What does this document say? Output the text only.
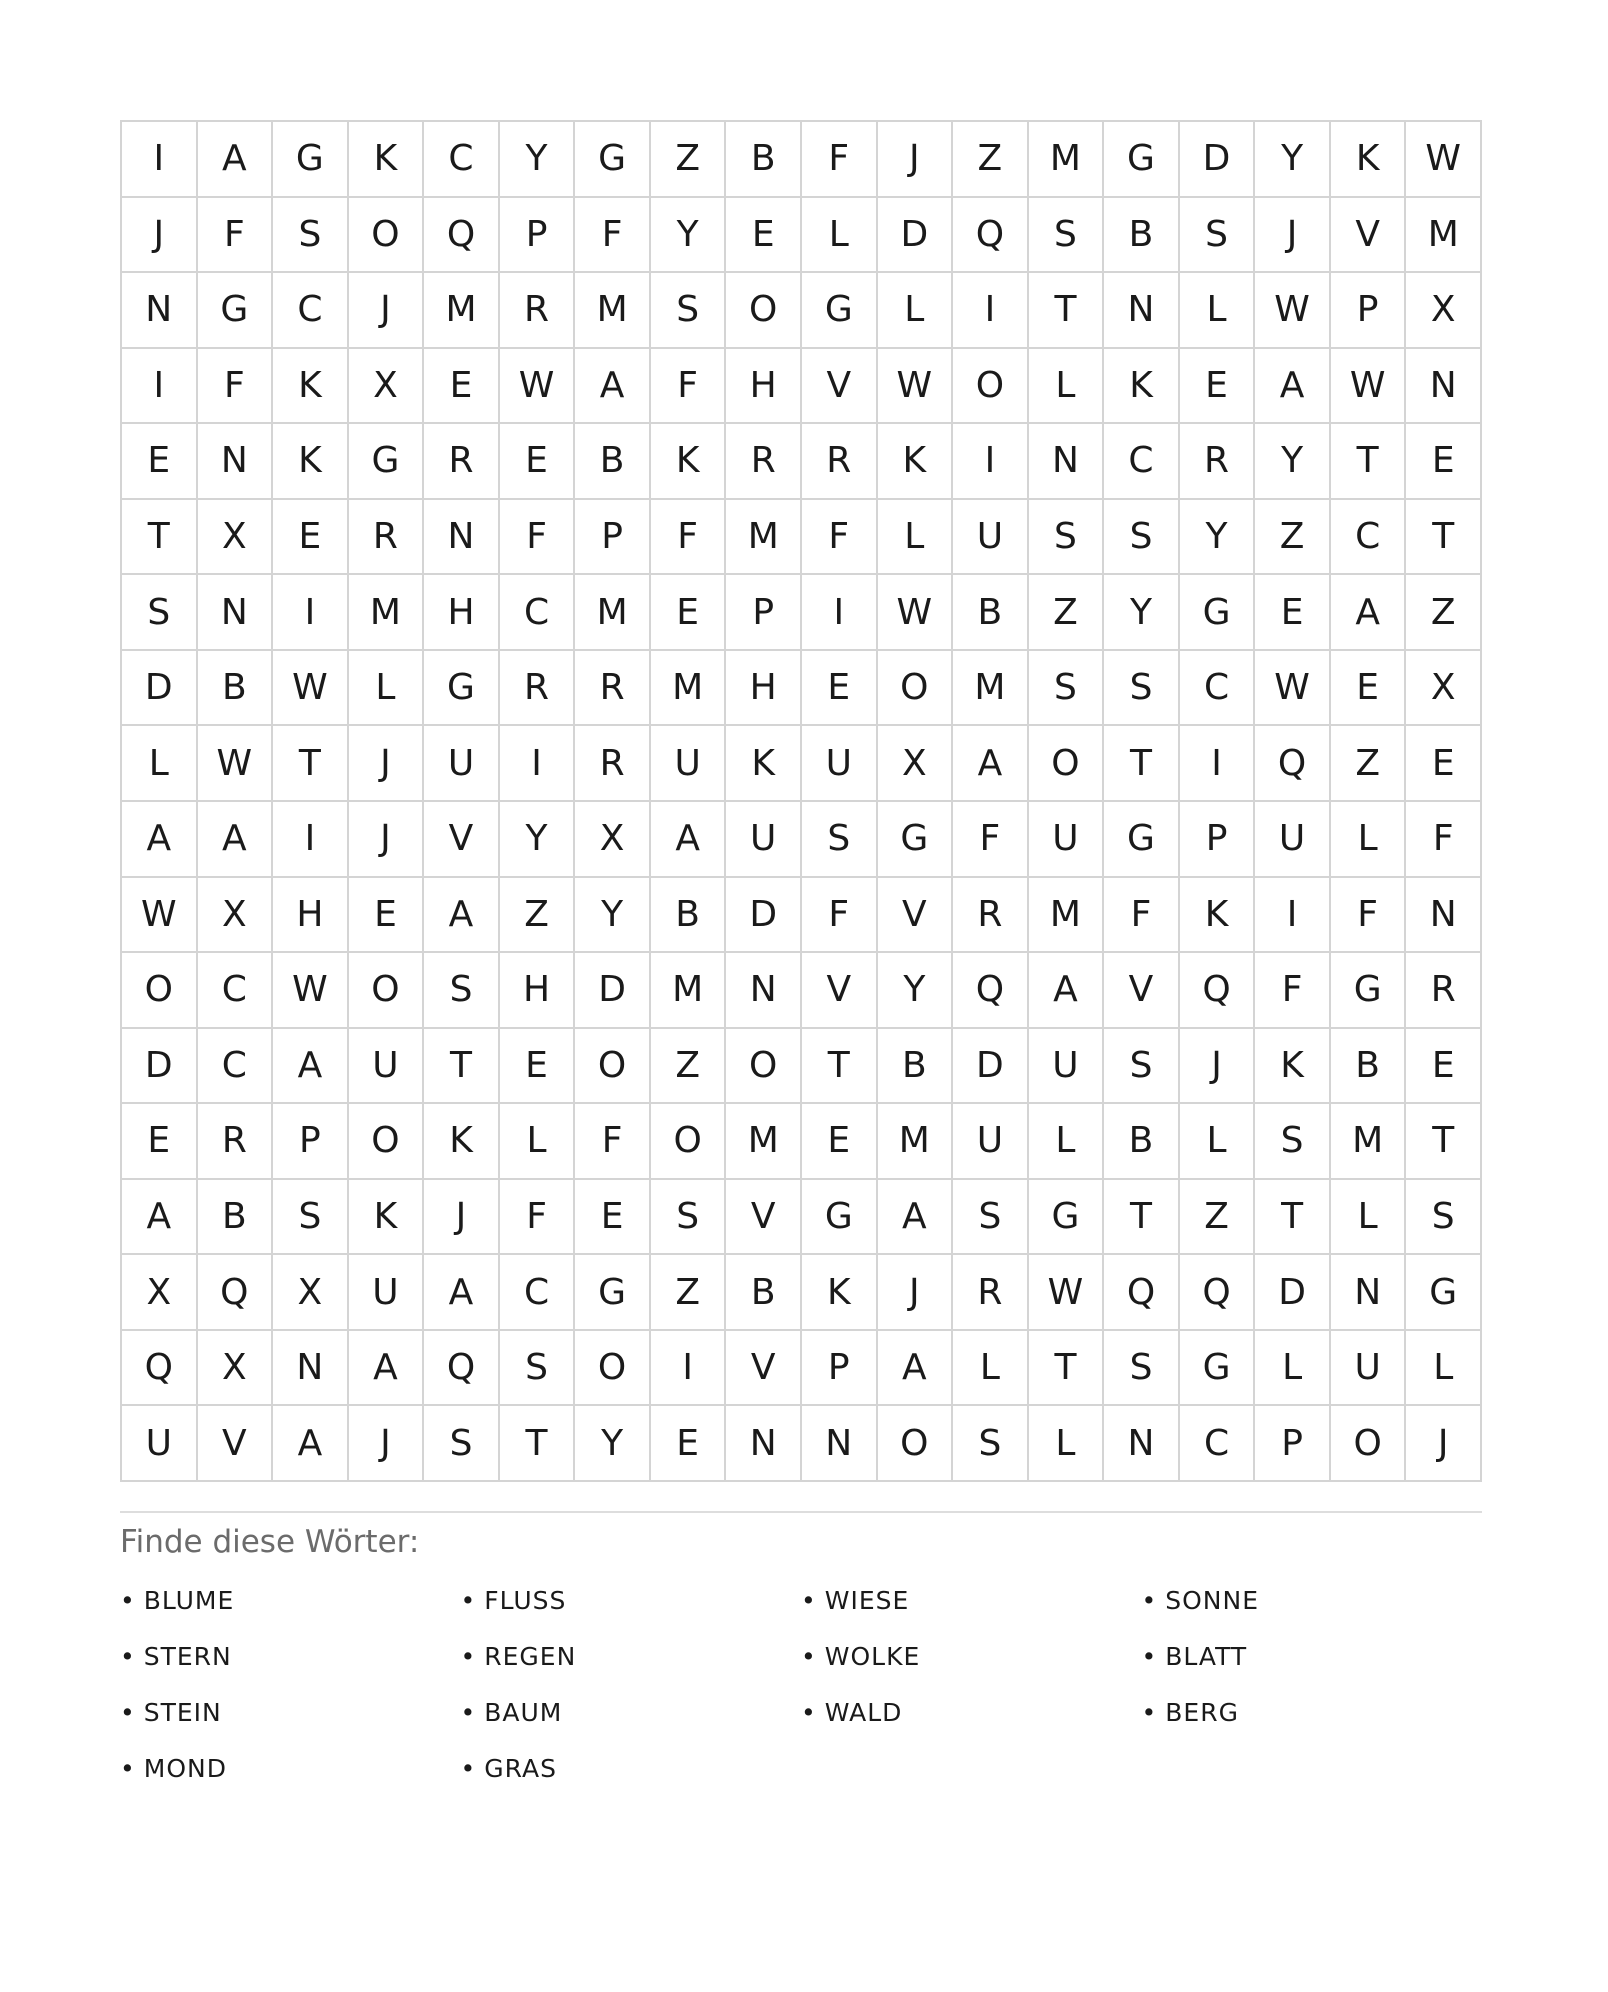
I	A	G	K	C	Y	G	Z	B	F	J	Z	M	G	D	Y	K	W
J	F	S	O	Q	P	F	Y	E	L	D	Q	S	B	S	J	V	M
N	G	C	J	M	R	M	S	O	G	L	I	T	N	L	W	P	X
I	F	K	X	E	W	A	F	H	V	W	O	L	K	E	A	W	N
E	N	K	G	R	E	B	K	R	R	K	I	N	C	R	Y	T	E
T	X	E	R	N	F	P	F	M	F	L	U	S	S	Y	Z	C	T
S	N	I	M	H	C	M	E	P	I	W	B	Z	Y	G	E	A	Z
D	B	W	L	G	R	R	M	H	E	O	M	S	S	C	W	E	X
L	W	T	J	U	I	R	U	K	U	X	A	O	T	I	Q	Z	E
A	A	I	J	V	Y	X	A	U	S	G	F	U	G	P	U	L	F
W	X	H	E	A	Z	Y	B	D	F	V	R	M	F	K	I	F	N
O	C	W	O	S	H	D	M	N	V	Y	Q	A	V	Q	F	G	R
D	C	A	U	T	E	O	Z	O	T	B	D	U	S	J	K	B	E
E	R	P	O	K	L	F	O	M	E	M	U	L	B	L	S	M	T
A	B	S	K	J	F	E	S	V	G	A	S	G	T	Z	T	L	S
X	Q	X	U	A	C	G	Z	B	K	J	R	W	Q	Q	D	N	G
Q	X	N	A	Q	S	O	I	V	P	A	L	T	S	G	L	U	L
U	V	A	J	S	T	Y	E	N	N	O	S	L	N	C	P	O	J
Finde diese Wörter:
• BLUME
• STERN
• STEIN
• MOND
• FLUSS
• REGEN
• BAUM
• GRAS
• WIESE
• WOLKE
• WALD
• SONNE
• BLATT
• BERG
